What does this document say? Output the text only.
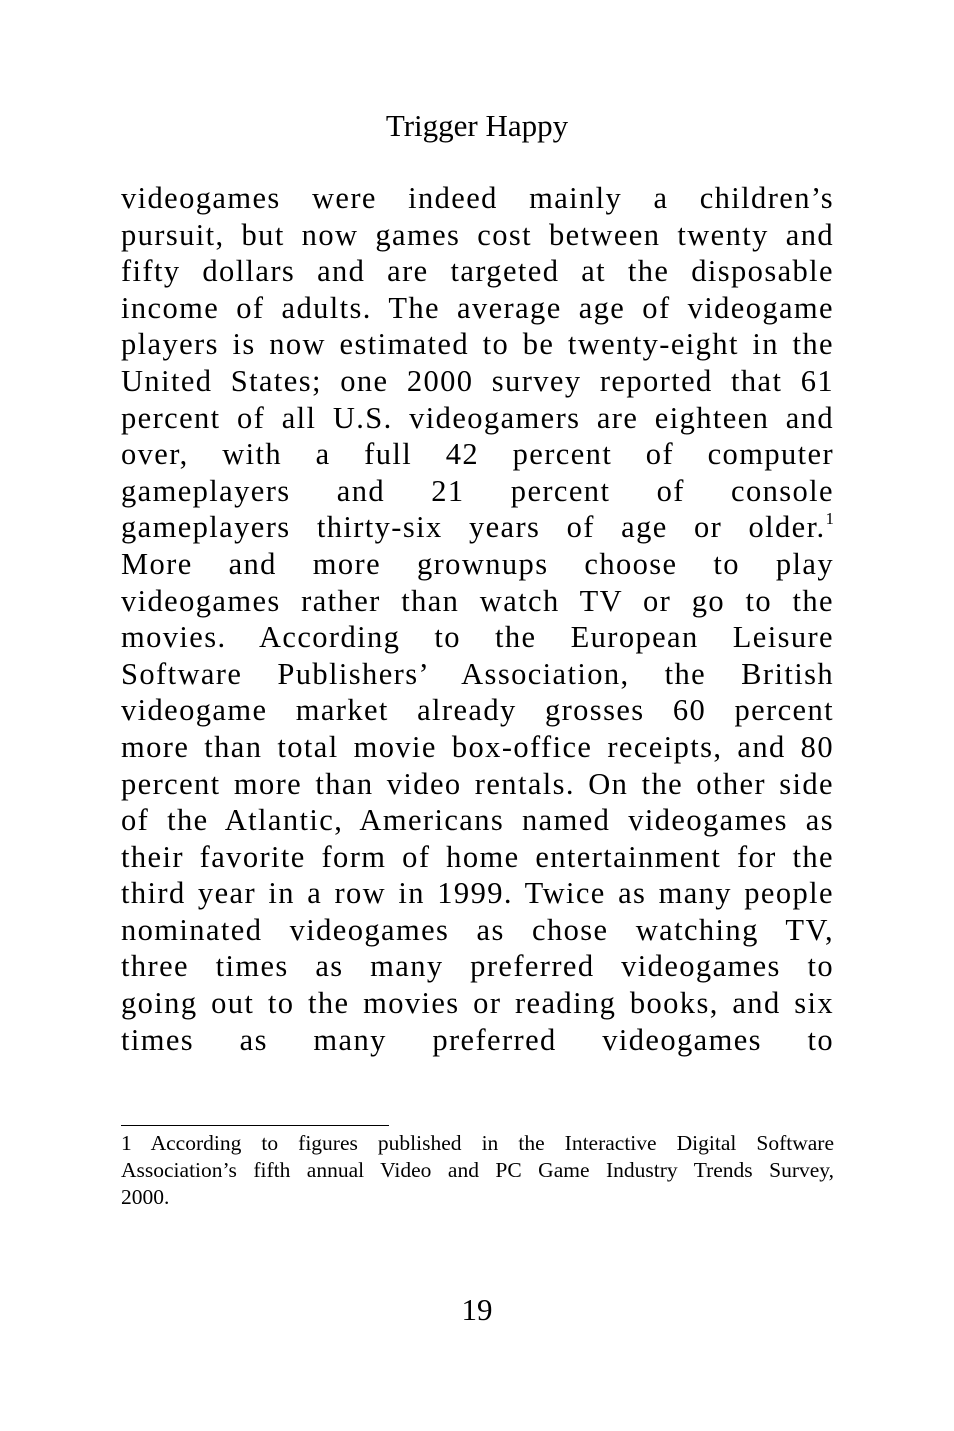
Trigger Happy
videogames were indeed mainly a children’s
pursuit, but now games cost between twenty and
fifty dollars and are targeted at the disposable
income of adults. The average age of videogame
players is now estimated to be twenty-eight in the
United States; one 2000 survey reported that 61
percent of all U.S. videogamers are eighteen and
over, with a full 42 percent of computer
gameplayers and 21 percent of console
gameplayers thirty-six years of age or older.$^1$
More and more grownups choose to play
videogames rather than watch TV or go to the
movies. According to the European Leisure
Software Publishers’ Association, the British
videogame market already grosses 60 percent
more than total movie box-office receipts, and 80
percent more than video rentals. On the other side
of the Atlantic, Americans named videogames as
their favorite form of home entertainment for the
third year in a row in 1999. Twice as many people
nominated videogames as chose watching TV,
three times as many preferred videogames to
going out to the movies or reading books, and six
times as many preferred videogames to
1 According to figures published in the Interactive Digital Software
Association’s fifth annual Video and PC Game Industry Trends Survey,
2000.
19
